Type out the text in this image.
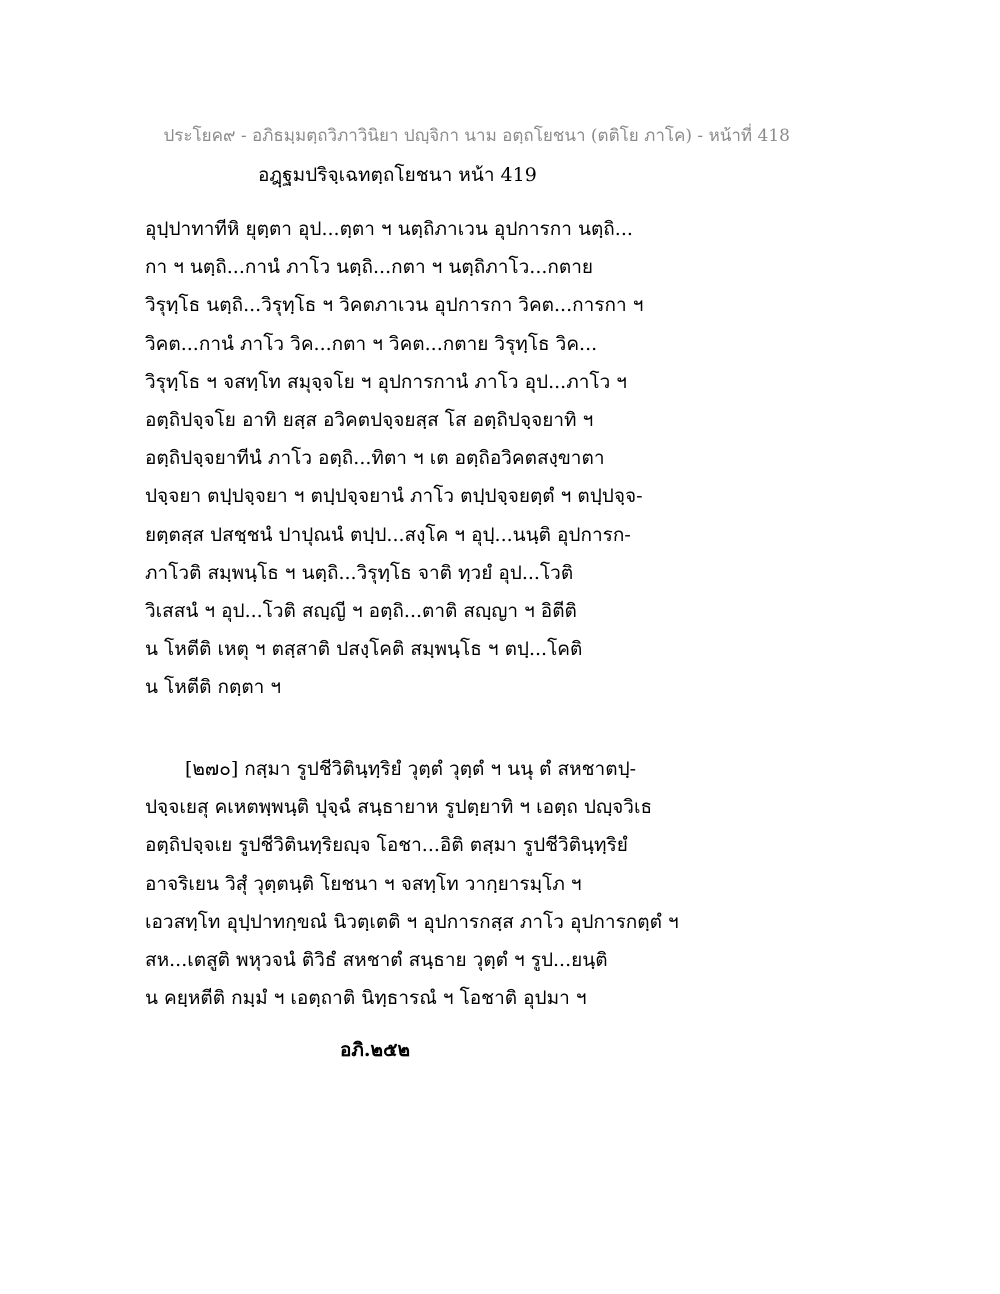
ประโยค๙ - อภิธมฺมตฺถวิภาวินิยา ปญฺจิกา นาม อตฺถโยชนา (ตติโย ภาโค) - หน้าที่ 418
อฎฺฐมปริจฺเฉทตฺถโยชนา หน้า 419
อุปฺปาทาทีหิ ยุตฺตา อุป...ตฺตา ฯ นตฺถิภาเวน อุปการกา นตฺถิ...
กา ฯ นตฺถิ...กานํ ภาโว นตฺถิ...กตา ฯ นตฺถิภาโว...กตาย
วิรุทฺโธ นตฺถิ...วิรุทฺโธ ฯ วิคตภาเวน อุปการกา วิคต...การกา ฯ
วิคต...กานํ ภาโว วิค...กตา ฯ วิคต...กตาย วิรุทฺโธ วิค...
วิรุทฺโธ ฯ จสทฺโท สมุจฺจโย ฯ อุปการกานํ ภาโว อุป...ภาโว ฯ
อตฺถิปจฺจโย อาทิ ยสฺส อวิคตปจฺจยสฺส โส อตฺถิปจฺจยาทิ ฯ
อตฺถิปจฺจยาทีนํ ภาโว อตฺถิ...ทิตา ฯ เต อตฺถิอวิคตสงฺขาตา
ปจฺจยา ตปฺปจฺจยา ฯ ตปฺปจฺจยานํ ภาโว ตปฺปจฺจยตฺตํ ฯ ตปฺปจฺจ-
ยตฺตสฺส ปสชฺชนํ ปาปุณนํ ตปฺป...สงฺโค ฯ อุปฺ...นนฺติ อุปการก-
ภาโวติ สมฺพนฺโธ ฯ นตฺถิ...วิรุทฺโธ จาติ ทฺวยํ อุป...โวติ
วิเสสนํ ฯ อุป...โวติ สญฺญี ฯ อตฺถิ...ตาติ สญฺญา ฯ อิตีติ
น โหตีติ เหตุ ฯ ตสฺสาติ ปสงฺโคติ สมฺพนฺโธ ฯ ตปฺ...โคติ
น โหตีติ กตฺตา ฯ
[๒๗๐] กสฺมา รูปชีวิตินฺทฺริยํ วุตฺตํ วุตฺตํ ฯ นนุ ตํ สหชาตปฺ-
ปจฺจเยสุ คเหตพฺพนฺติ ปุจฺฉํ สนฺธายาห รูปตฺยาทิ ฯ เอตฺถ ปญฺจวิเธ
อตฺถิปจฺจเย รูปชีวิตินทฺริยญฺจ โอชา...อิติ ตสฺมา รูปชีวิตินฺทฺริยํ
อาจริเยน วิสุํ วุตฺตนฺติ โยชนา ฯ จสทฺโท วากฺยารมฺโภ ฯ
เอวสทฺโท อุปฺปาทกฺขณํ นิวตฺเตติ ฯ อุปการกสฺส ภาโว อุปการกตฺตํ ฯ
สห...เตสูติ พหุวจนํ ติวิธํ สหชาตํ สนฺธาย วุตฺตํ ฯ รูป...ยนฺติ
น คยฺหตีติ กมฺมํ ฯ เอตฺถาติ นิทฺธารณํ ฯ โอชาติ อุปมา ฯ
อภิ.๒๕๒
